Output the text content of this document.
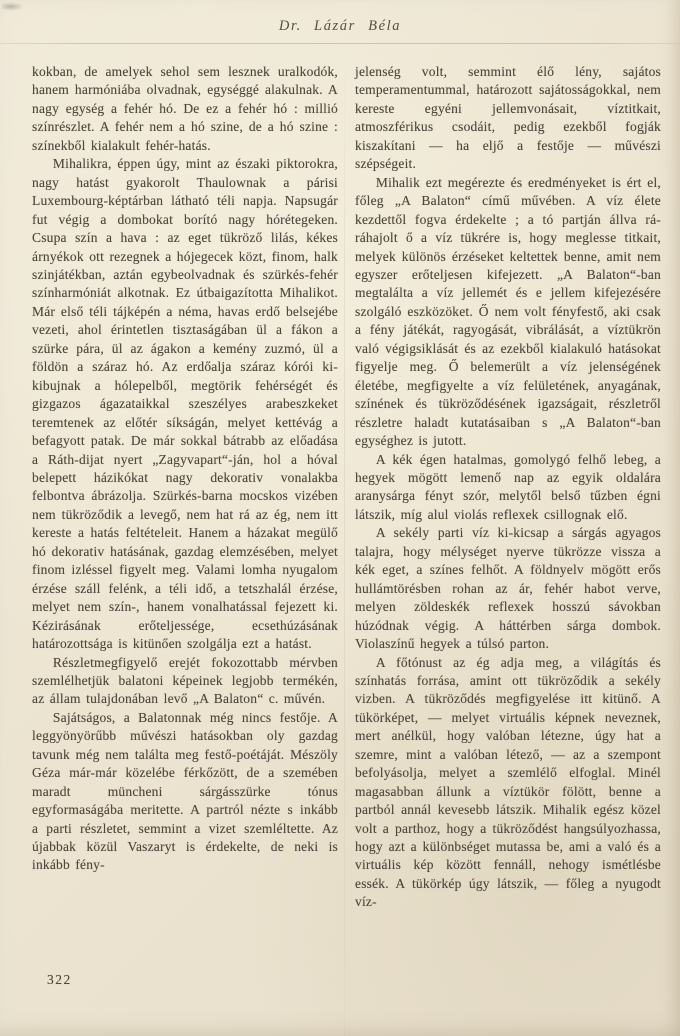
Dr. Lázár Béla

kokban, de amelyek sehol sem lesznek uralkodók, hanem harmóniába olvadnak, egységgé alakulnak. A nagy egység a fehér hó. De ez a fehér hó : millió színrészlet. A fehér nem a hó szine, de a hó szine : színekből kialakult fehér-hatás.

Mihalikra, éppen úgy, mint az északi piktorokra, nagy hatást gyakorolt Thaulownak a párisi Luxembourg-képtárban látható téli napja. Napsugár fut végig a dombokat borító nagy hórétegeken. Csupa szín a hava : az eget tükröző lilás, kékes árnyékok ott rezegnek a hójegecek közt, finom, halk szinjátékban, aztán egybeolvadnak és szürkés-fehér színharmóniát alkotnak. Ez útbaigazította Mihalikot. Már első téli tájképén a néma, havas erdő belsejébe vezeti, ahol érintetlen tisztaságában ül a fákon a szürke pára, ül az ágakon a kemény zuzmó, ül a földön a száraz hó. Az erdőalja száraz kórói ki-kibujnak a hólepelből, megtörik fehérségét és gizgazos ágazataikkal szeszélyes arabeszkeket teremtenek az előtér síkságán, melyet kettévág a befagyott patak. De már sokkal bátrabb az előadása a Ráth-dijat nyert „Zagyvapart“-ján, hol a hóval belepett házikókat nagy dekorativ vonalakba felbontva ábrázolja. Szürkés-barna mocskos vizében nem tükröződik a levegő, nem hat rá az ég, nem itt kereste a hatás feltételeit. Hanem a házakat megülő hó dekorativ hatásának, gazdag elemzésében, melyet finom izléssel figyelt meg. Valami lomha nyugalom érzése száll felénk, a téli idő, a tetszhalál érzése, melyet nem szín-, hanem vonalhatással fejezett ki. Kézirásának erőteljessége, ecsethúzásának határozottsága is kitünően szolgálja ezt a hatást.

Részletmegfigyelő erejét fokozottabb mérvben szemlélhetjük balatoni képeinek legjobb termékén, az állam tulajdonában levő „A Balaton“ c. művén.

Sajátságos, a Balatonnak még nincs festője. A leggyönyörűbb művészi hatásokban oly gazdag tavunk még nem találta meg festő-poétáját. Mészöly Géza már-már közelébe férkőzött, de a szemében maradt müncheni sárgásszürke tónus egyformaságába meritette. A partról nézte s inkább a parti részletet, semmint a vizet szemléltette. Az újabbak közül Vaszaryt is érdekelte, de neki is inkább fény-

jelenség volt, semmint élő lény, sajátos temperamentummal, határozott sajátosságokkal, nem kereste egyéni jellemvonásait, víztitkait, atmoszférikus csodáit, pedig ezekből fogják kiszakítani — ha eljő a festője — művészi szépségeit.

Mihalik ezt megérezte és eredményeket is ért el, főleg „A Balaton“ című művében. A víz élete kezdettől fogva érdekelte ; a tó partján állva rá-ráhajolt ő a víz tükrére is, hogy meglesse titkait, melyek különös érzéseket keltettek benne, amit nem egyszer erőteljesen kifejezett. „A Balaton“-ban megtalálta a víz jellemét és e jellem kifejezésére szolgáló eszközöket. Ő nem volt fényfestő, aki csak a fény játékát, ragyogását, vibrálását, a víztükrön való végigsiklását és az ezekből kialakuló hatásokat figyelje meg. Ő belemerült a víz jelenségének életébe, megfigyelte a víz felületének, anyagának, színének és tükröződésének igazságait, részletről részletre haladt kutatásaiban s „A Balaton“-ban egységhez is jutott.

A kék égen hatalmas, gomolygó felhő lebeg, a hegyek mögött lemenő nap az egyik oldalára aranysárga fényt szór, melytől belső tűzben égni látszik, míg alul violás reflexek csillognak elő.

A sekély parti víz ki-kicsap a sárgás agyagos talajra, hogy mélységet nyerve tükrözze vissza a kék eget, a színes felhőt. A földnyelv mögött erős hullámtörésben rohan az ár, fehér habot verve, melyen zöldeskék reflexek hosszú sávokban húzódnak végig. A háttérben sárga dombok. Violaszínű hegyek a túlsó parton.

A főtónust az ég adja meg, a világítás és színhatás forrása, amint ott tükröződik a sekély vizben. A tükröződés megfigyelése itt kitünő. A tükörképet, — melyet virtuális képnek neveznek, mert anélkül, hogy valóban létezne, úgy hat a szemre, mint a valóban létező, — az a szempont befolyásolja, melyet a szemlélő elfoglal. Minél magasabban állunk a víztükör fölött, benne a partból annál kevesebb látszik. Mihalik egész közel volt a parthoz, hogy a tükröződést hangsúlyozhassa, hogy azt a különbséget mutassa be, ami a való és a virtuális kép között fennáll, nehogy ismétlésbe essék. A tükörkép úgy látszik, — főleg a nyugodt víz-

322
